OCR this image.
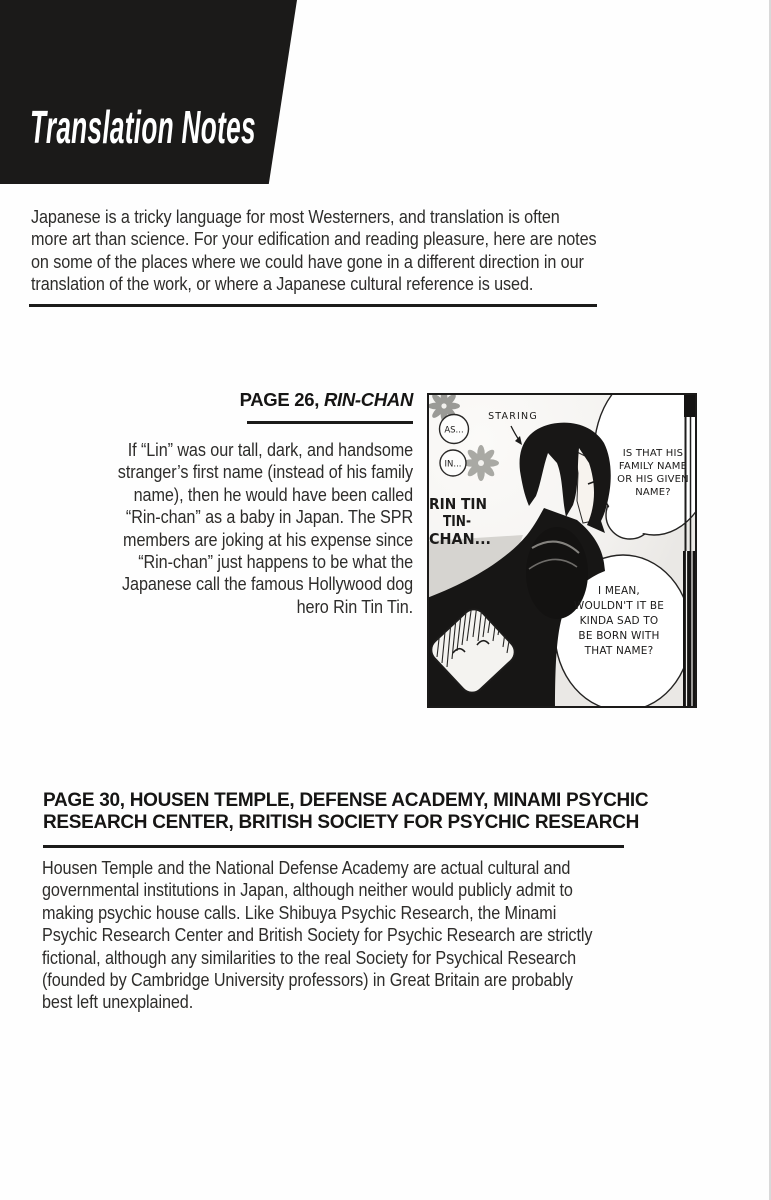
Translation Notes
Japanese is a tricky language for most Westerners, and translation is often
more art than science. For your edification and reading pleasure, here are notes
on some of the places where we could have gone in a different direction in our
translation of the work, or where a Japanese cultural reference is used.
PAGE 26, RIN-CHAN
If “Lin” was our tall, dark, and handsome
stranger’s first name (instead of his family
name), then he would have been called
“Rin-chan” as a baby in Japan. The SPR
members are joking at his expense since
“Rin-chan” just happens to be what the
Japanese call the famous Hollywood dog
hero Rin Tin Tin.
I MEAN,
WOULDN'T IT BE
KINDA SAD TO
BE BORN WITH
THAT NAME?
IS THAT HIS
FAMILY NAME
OR HIS GIVEN
NAME?
STARING
AS...
IN...
RIN TIN
TIN-
CHAN...
PAGE 30, HOUSEN TEMPLE, DEFENSE ACADEMY, MINAMI PSYCHIC
RESEARCH CENTER, BRITISH SOCIETY FOR PSYCHIC RESEARCH
Housen Temple and the National Defense Academy are actual cultural and
governmental institutions in Japan, although neither would publicly admit to
making psychic house calls. Like Shibuya Psychic Research, the Minami
Psychic Research Center and British Society for Psychic Research are strictly
fictional, although any similarities to the real Society for Psychical Research
(founded by Cambridge University professors) in Great Britain are probably
best left unexplained.
